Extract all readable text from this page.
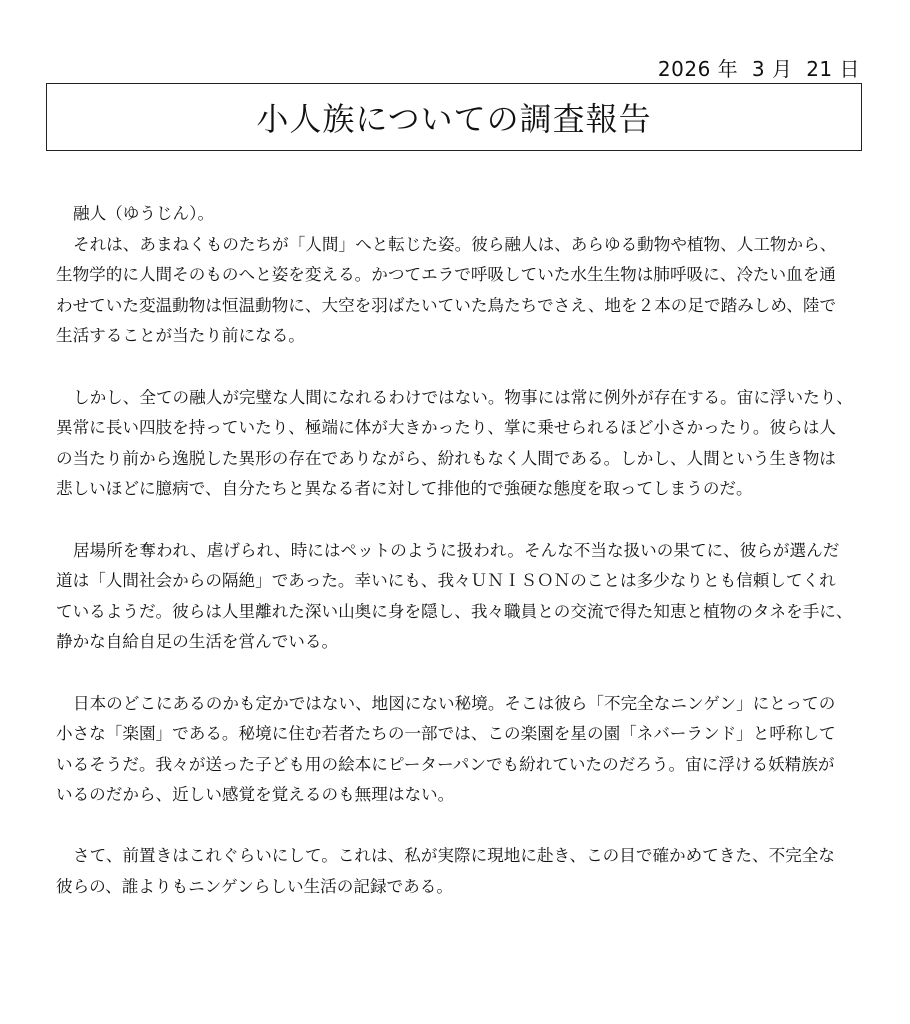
2026 年  3 月  21 日
小人族についての調査報告
融人（ゆうじん）。
それは、あまねくものたちが「人間」へと転じた姿。彼ら融人は、あらゆる動物や植物、人工物から、
生物学的に人間そのものへと姿を変える。かつてエラで呼吸していた水生生物は肺呼吸に、冷たい血を通
わせていた変温動物は恒温動物に、大空を羽ばたいていた鳥たちでさえ、地を２本の足で踏みしめ、陸で
生活することが当たり前になる。
しかし、全ての融人が完璧な人間になれるわけではない。物事には常に例外が存在する。宙に浮いたり、
異常に長い四肢を持っていたり、極端に体が大きかったり、掌に乗せられるほど小さかったり。彼らは人
の当たり前から逸脱した異形の存在でありながら、紛れもなく人間である。しかし、人間という生き物は
悲しいほどに臆病で、自分たちと異なる者に対して排他的で強硬な態度を取ってしまうのだ。
居場所を奪われ、虐げられ、時にはペットのように扱われ。そんな不当な扱いの果てに、彼らが選んだ
道は「人間社会からの隔絶」であった。幸いにも、我々ＵＮＩＳＯＮのことは多少なりとも信頼してくれ
ているようだ。彼らは人里離れた深い山奥に身を隠し、我々職員との交流で得た知恵と植物のタネを手に、
静かな自給自足の生活を営んでいる。
日本のどこにあるのかも定かではない、地図にない秘境。そこは彼ら「不完全なニンゲン」にとっての
小さな「楽園」である。秘境に住む若者たちの一部では、この楽園を星の園「ネバーランド」と呼称して
いるそうだ。我々が送った子ども用の絵本にピーターパンでも紛れていたのだろう。宙に浮ける妖精族が
いるのだから、近しい感覚を覚えるのも無理はない。
さて、前置きはこれぐらいにして。これは、私が実際に現地に赴き、この目で確かめてきた、不完全な
彼らの、誰よりもニンゲンらしい生活の記録である。
